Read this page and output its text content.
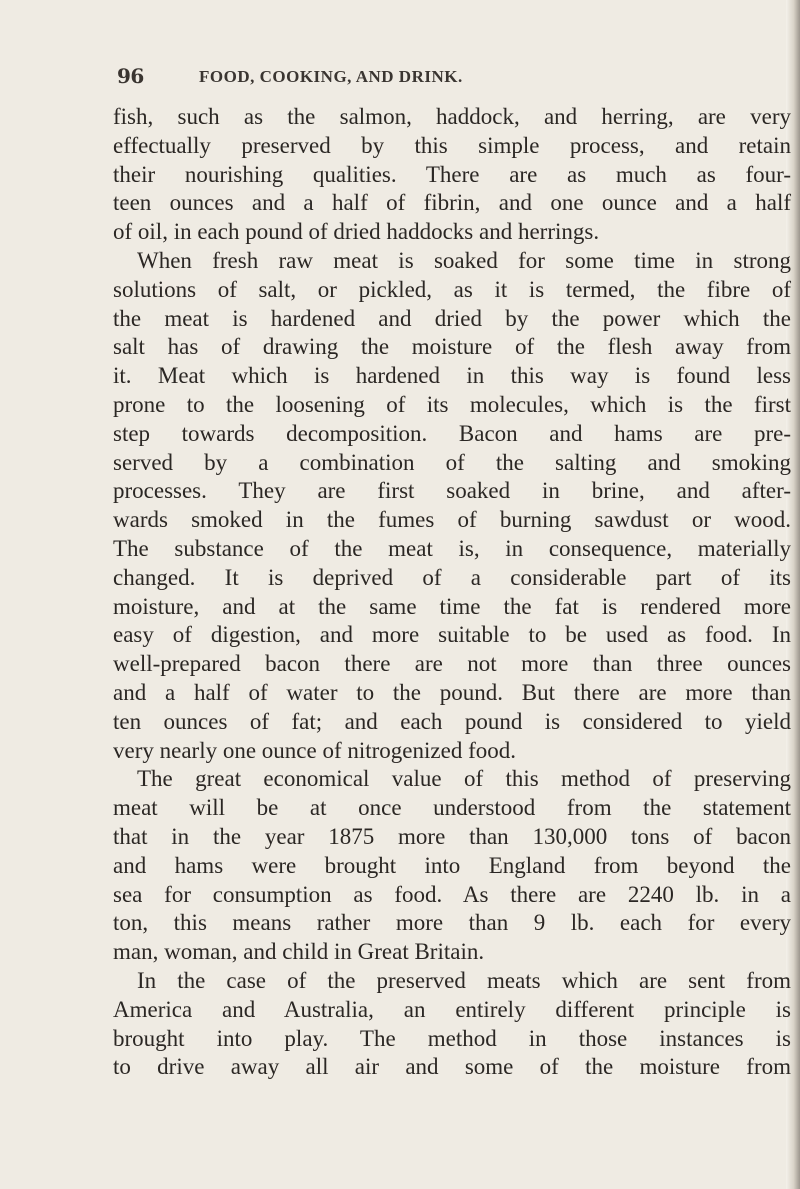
96	FOOD, COOKING, AND DRINK.
fish, such as the salmon, haddock, and herring, are very
effectually preserved by this simple process, and retain
their nourishing qualities. There are as much as four-
teen ounces and a half of fibrin, and one ounce and a half
of oil, in each pound of dried haddocks and herrings.
When fresh raw meat is soaked for some time in strong
solutions of salt, or pickled, as it is termed, the fibre of
the meat is hardened and dried by the power which the
salt has of drawing the moisture of the flesh away from
it. Meat which is hardened in this way is found less
prone to the loosening of its molecules, which is the first
step towards decomposition. Bacon and hams are pre-
served by a combination of the salting and smoking
processes. They are first soaked in brine, and after-
wards smoked in the fumes of burning sawdust or wood.
The substance of the meat is, in consequence, materially
changed. It is deprived of a considerable part of its
moisture, and at the same time the fat is rendered more
easy of digestion, and more suitable to be used as food. In
well-prepared bacon there are not more than three ounces
and a half of water to the pound. But there are more than
ten ounces of fat; and each pound is considered to yield
very nearly one ounce of nitrogenized food.
The great economical value of this method of preserving
meat will be at once understood from the statement
that in the year 1875 more than 130,000 tons of bacon
and hams were brought into England from beyond the
sea for consumption as food. As there are 2240 lb. in a
ton, this means rather more than 9 lb. each for every
man, woman, and child in Great Britain.
In the case of the preserved meats which are sent from
America and Australia, an entirely different principle is
brought into play. The method in those instances is
to drive away all air and some of the moisture from
